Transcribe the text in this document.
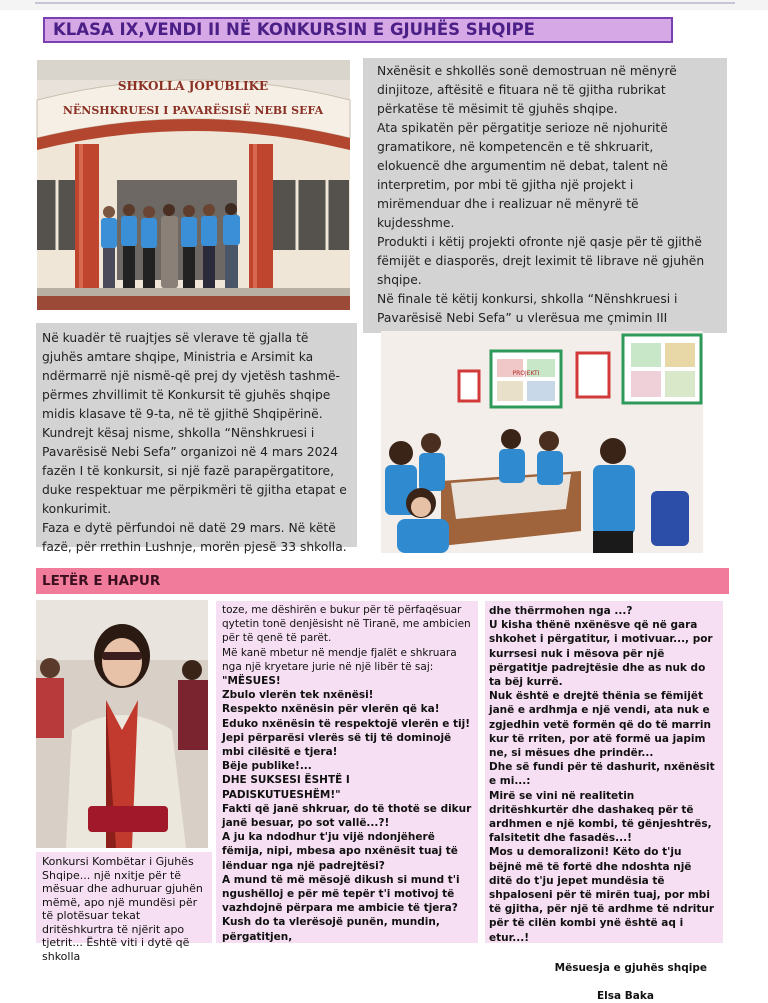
KLASA IX,VENDI II NË KONKURSIN E GJUHËS SHQIPE
SHKOLLA JOPUBLIKE
NËNSHKRUESI I PAVARËSISË NEBI SEFA

Nxënësit e shkollës sonë demostruan në mënyrë dinjitoze, aftësitë e fituara në të gjitha rubrikat përkatëse të mësimit të gjuhës shqipe.

Ata spikatën për përgatitje serioze në njohuritë gramatikore, në kompetencën e të shkruarit, elokuencë dhe argumentim në debat, talent në interpretim, por mbi të gjitha një projekt i mirëmenduar dhe i realizuar në mënyrë të kujdesshme.

Produkti i këtij projekti ofronte një qasje për të gjithë fëmijët e diasporës, drejt leximit të librave në gjuhën shqipe.

Në finale të këtij konkursi, shkolla “Nënshkruesi i Pavarësisë Nebi Sefa” u vlerësua me çmimin III

Në kuadër të ruajtjes së vlerave të gjalla të gjuhës amtare shqipe, Ministria e Arsimit ka ndërmarrë një nismë-që prej dy vjetësh tashmë-përmes zhvillimit të Konkursit të gjuhës shqipe midis klasave të 9-ta, në të gjithë Shqipërinë.

Kundrejt kësaj nisme, shkolla “Nënshkruesi i Pavarësisë Nebi Sefa” organizoi në 4 mars 2024 fazën I të konkursit, si një fazë parapërgatitore, duke respektuar me përpikmëri të gjitha etapat e konkurimit.

Faza e dytë përfundoi në datë 29 mars. Në këtë fazë, për rrethin Lushnje, morën pjesë 33 shkolla.

PROJEKTI
LETËR E HAPUR
Konkursi Kombëtar i Gjuhës Shqipe... një nxitje për të mësuar dhe adhuruar gjuhën mëmë, apo një mundësi për të plotësuar tekat dritëshkurtra të njërit apo tjetrit... Është viti i dytë që shkolla

toze, me dëshirën e bukur për të përfaqësuar qytetin tonë denjësisht në Tiranë, me ambicien për të qenë të parët.

Më kanë mbetur në mendje fjalët e shkruara nga një kryetare jurie në një libër të saj:

"MËSUES!

Zbulo vlerën tek nxënësi!

Respekto nxënësin për vlerën që ka!

Eduko nxënësin të respektojë vlerën e tij!

Jepi përparësi vlerës së tij të dominojë mbi cilësitë e tjera!

Bëje publike!...

DHE SUKSESI ËSHTË I PADISKUTUESHËM!"

Fakti që janë shkruar, do të thotë se dikur janë besuar, po sot vallë...?!

A ju ka ndodhur t'ju vijë ndonjëherë fëmija, nipi, mbesa apo nxënësit tuaj të lënduar nga një padrejtësi?

A mund të më mësojë dikush si mund t'i ngushëlloj e për më tepër t'i motivoj të vazhdojnë përpara me ambicie të tjera?

Kush do ta vlerësojë punën, mundin, përgatitjen,

dhe thërrmohen nga ...?

U kisha thënë nxënësve që në gara shkohet i përgatitur, i motivuar..., por kurrsesi nuk i mësova për një përgatitje padrejtësie dhe as nuk do ta bëj kurrë.

Nuk është e drejtë thënia se fëmijët janë e ardhmja e një vendi, ata nuk e zgjedhin vetë formën që do të marrin kur të rriten, por atë formë ua japim ne, si mësues dhe prindër...

Dhe së fundi për të dashurit, nxënësit e mi...:

Mirë se vini në realitetin dritëshkurtër dhe dashakeq për të ardhmen e një kombi, të gënjeshtrës, falsitetit dhe fasadës...!

Mos u demoralizoni! Këto do t'ju bëjnë më të fortë dhe ndoshta një ditë do t'ju jepet mundësia të shpaloseni për të mirën tuaj, por mbi të gjitha, për një të ardhme të ndritur për të cilën kombi ynë është aq i etur...!

Mësuesja e gjuhës shqipe

Elsa Baka
